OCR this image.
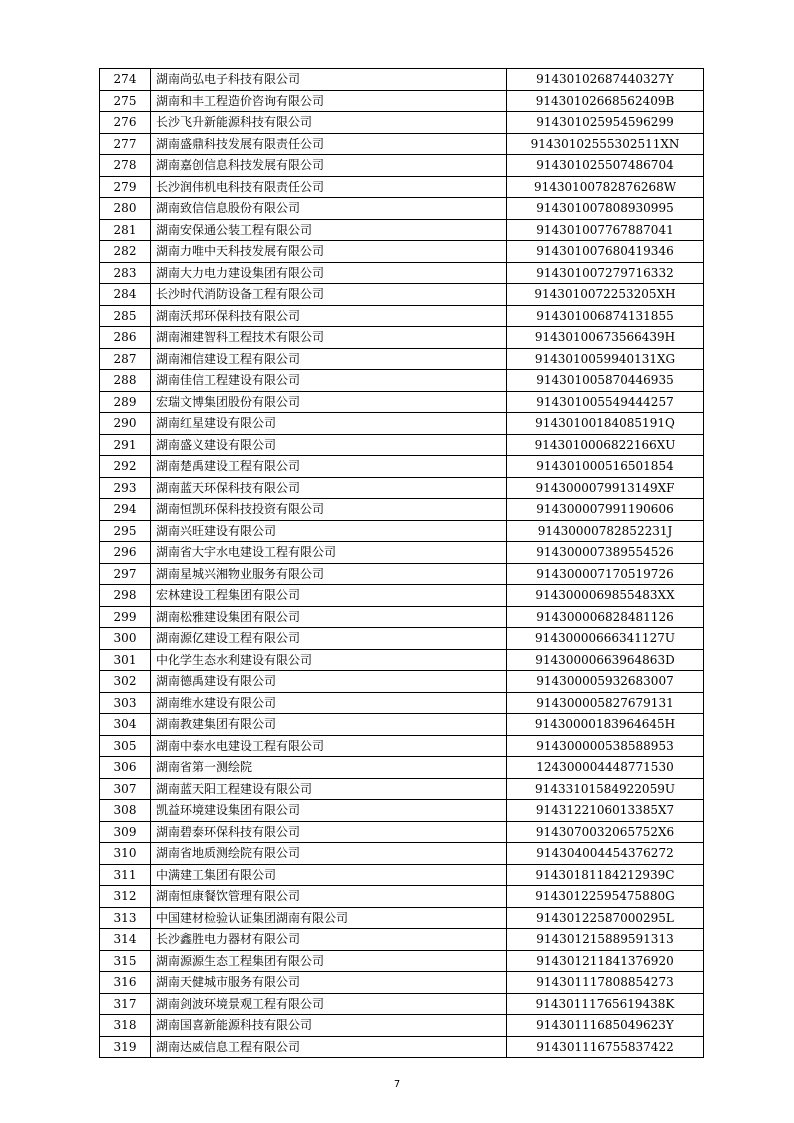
274	湖南尚弘电子科技有限公司	91430102687440327Y
275	湖南和丰工程造价咨询有限公司	91430102668562409B
276	长沙飞升新能源科技有限公司	914301025954596299
277	湖南盛鼎科技发展有限责任公司	91430102555302511XN
278	湖南嘉创信息科技发展有限公司	914301025507486704
279	长沙润伟机电科技有限责任公司	91430100782876268W
280	湖南致信信息股份有限公司	914301007808930995
281	湖南安保通公装工程有限公司	914301007767887041
282	湖南力唯中天科技发展有限公司	914301007680419346
283	湖南大力电力建设集团有限公司	914301007279716332
284	长沙时代消防设备工程有限公司	9143010072253205XH
285	湖南沃邦环保科技有限公司	914301006874131855
286	湖南湘建智科工程技术有限公司	91430100673566439H
287	湖南湘信建设工程有限公司	9143010059940131XG
288	湖南佳信工程建设有限公司	914301005870446935
289	宏瑞文博集团股份有限公司	914301005549444257
290	湖南红星建设有限公司	91430100184085191Q
291	湖南盛义建设有限公司	9143010006822166XU
292	湖南楚禹建设工程有限公司	914301000516501854
293	湖南蓝天环保科技有限公司	9143000079913149XF
294	湖南恒凯环保科技投资有限公司	914300007991190606
295	湖南兴旺建设有限公司	91430000782852231J
296	湖南省大宇水电建设工程有限公司	914300007389554526
297	湖南星城兴湘物业服务有限公司	914300007170519726
298	宏林建设工程集团有限公司	9143000069855483XX
299	湖南松雅建设集团有限公司	914300006828481126
300	湖南源亿建设工程有限公司	91430000666341127U
301	中化学生态水利建设有限公司	91430000663964863D
302	湖南德禹建设有限公司	914300005932683007
303	湖南维水建设有限公司	914300005827679131
304	湖南教建集团有限公司	91430000183964645H
305	湖南中泰水电建设工程有限公司	914300000538588953
306	湖南省第一测绘院	124300004448771530
307	湖南蓝天阳工程建设有限公司	91433101584922059U
308	凯益环境建设集团有限公司	9143122106013385X7
309	湖南碧泰环保科技有限公司	9143070032065752X6
310	湖南省地质测绘院有限公司	914304004454376272
311	中满建工集团有限公司	91430181184212939C
312	湖南恒康餐饮管理有限公司	91430122595475880G
313	中国建材检验认证集团湖南有限公司	91430122587000295L
314	长沙鑫胜电力器材有限公司	914301215889591313
315	湖南源源生态工程集团有限公司	914301211841376920
316	湖南天健城市服务有限公司	914301117808854273
317	湖南剑波环境景观工程有限公司	91430111765619438K
318	湖南国喜新能源科技有限公司	91430111685049623Y
319	湖南达威信息工程有限公司	914301116755837422
7
